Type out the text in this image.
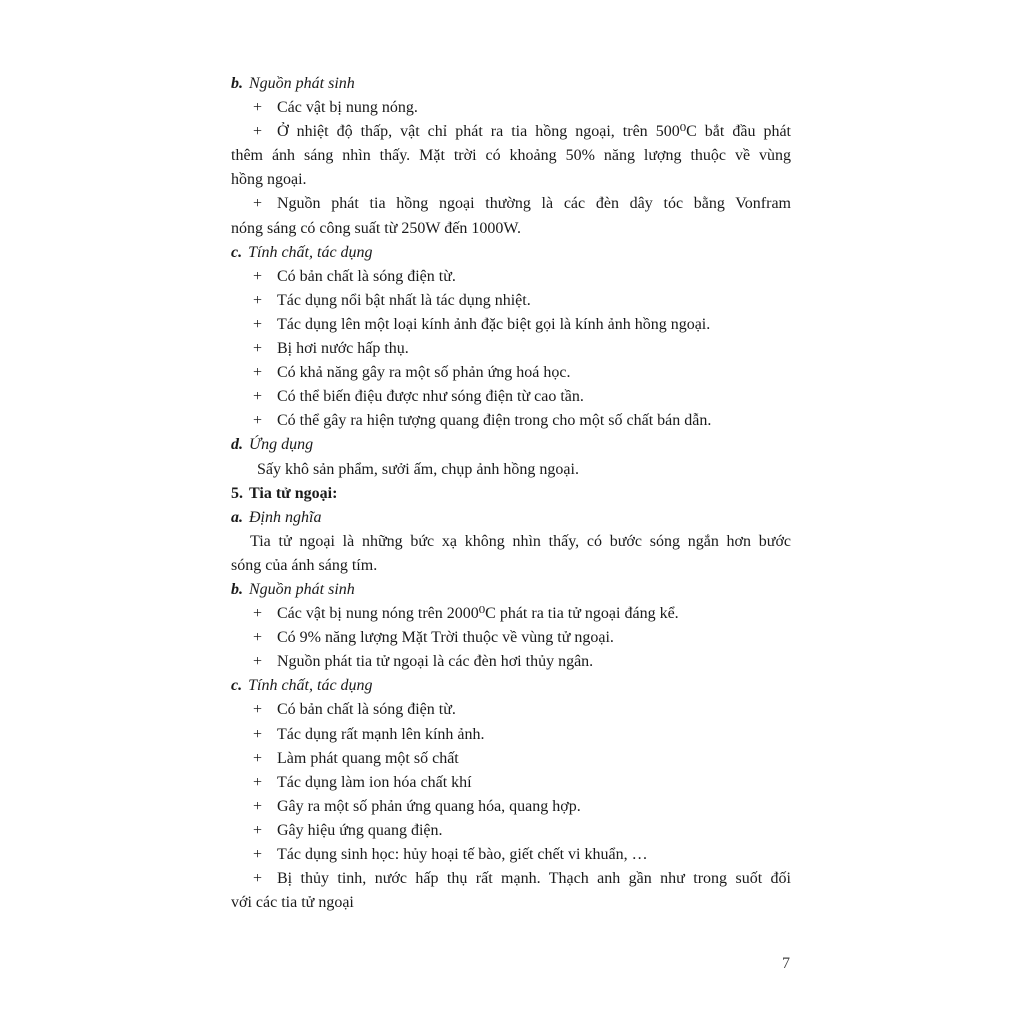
b. Nguồn phát sinh
+ Các vật bị nung nóng.
+ Ở nhiệt độ thấp, vật chỉ phát ra tia hồng ngoại, trên 500⁰C bắt đầu phát
thêm ánh sáng nhìn thấy. Mặt trời có khoảng 50% năng lượng thuộc về vùng
hồng ngoại.
+ Nguồn phát tia hồng ngoại thường là các đèn dây tóc bằng Vonfram
nóng sáng có công suất từ 250W đến 1000W.
c. Tính chất, tác dụng
+ Có bản chất là sóng điện từ.
+ Tác dụng nổi bật nhất là tác dụng nhiệt.
+ Tác dụng lên một loại kính ảnh đặc biệt gọi là kính ảnh hồng ngoại.
+ Bị hơi nước hấp thụ.
+ Có khả năng gây ra một số phản ứng hoá học.
+ Có thể biến điệu được như sóng điện từ cao tần.
+ Có thể gây ra hiện tượng quang điện trong cho một số chất bán dẫn.
d. Ứng dụng
Sấy khô sản phẩm, sưởi ấm, chụp ảnh hồng ngoại.
5. Tia tử ngoại:
a. Định nghĩa
Tia tử ngoại là những bức xạ không nhìn thấy, có bước sóng ngắn hơn bước
sóng của ánh sáng tím.
b. Nguồn phát sinh
+ Các vật bị nung nóng trên 2000⁰C phát ra tia tử ngoại đáng kể.
+ Có 9% năng lượng Mặt Trời thuộc về vùng tử ngoại.
+ Nguồn phát tia tử ngoại là các đèn hơi thủy ngân.
c. Tính chất, tác dụng
+ Có bản chất là sóng điện từ.
+ Tác dụng rất mạnh lên kính ảnh.
+ Làm phát quang một số chất
+ Tác dụng làm ion hóa chất khí
+ Gây ra một số phản ứng quang hóa, quang hợp.
+ Gây hiệu ứng quang điện.
+ Tác dụng sinh học: hủy hoại tế bào, giết chết vi khuẩn, …
+ Bị thủy tinh, nước hấp thụ rất mạnh. Thạch anh gần như trong suốt đối
với các tia tử ngoại
7
